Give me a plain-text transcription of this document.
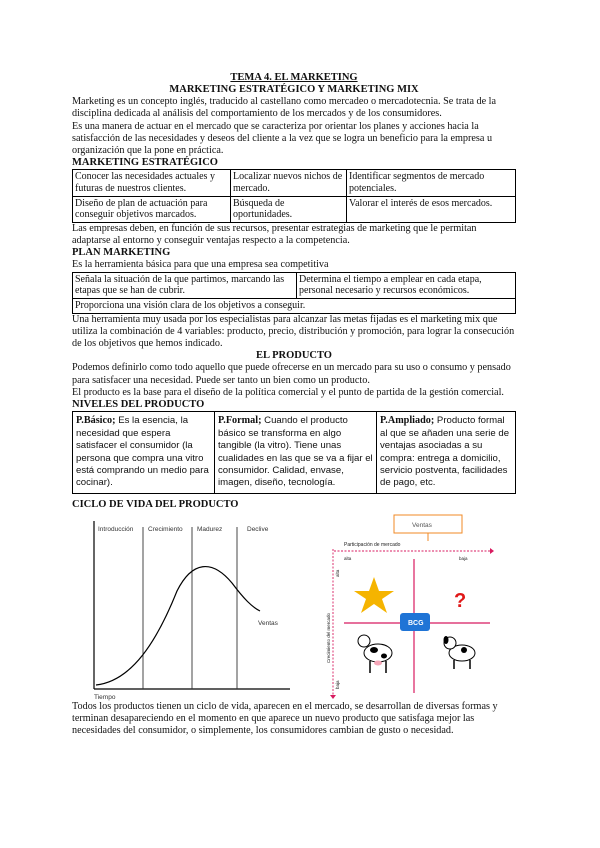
TEMA 4. EL MARKETING
MARKETING ESTRATÉGICO Y MARKETING MIX

Marketing es un concepto inglés, traducido al castellano como mercadeo o mercadotecnia. Se trata de la disciplina dedicada al análisis del comportamiento de los mercados y de los consumidores.

Es una manera de actuar en el mercado que se caracteriza por orientar los planes y acciones hacia la satisfacción de las necesidades y deseos del cliente a la vez que se logra un beneficio para la empresa u organización que la pone en práctica.

MARKETING ESTRATÉGICO
Conocer las necesidades actuales y futuras de nuestros clientes.	Localizar nuevos nichos de mercado.	Identificar segmentos de mercado potenciales.
Diseño de plan de actuación para conseguir objetivos marcados.	Búsqueda de oportunidades.	Valorar el interés de esos mercados.

Las empresas deben, en función de sus recursos, presentar estrategias de marketing que le permitan adaptarse al entorno y conseguir ventajas respecto a la competencia.

PLAN MARKETING

Es la herramienta básica para que una empresa sea competitiva

Señala la situación de la que partimos, marcando las etapas que se han de cubrir.	Determina el tiempo a emplear en cada etapa, personal necesario y recursos económicos.
Proporciona una visión clara de los objetivos a conseguir.

Una herramienta muy usada por los especialistas para alcanzar las metas fijadas es el marketing mix que utiliza la combinación de 4 variables: producto, precio, distribución y promoción, para lograr la consecución de los objetivos que hemos indicado.

EL PRODUCTO

Podemos definirlo como todo aquello que puede ofrecerse en un mercado para su uso o consumo y pensado para satisfacer una necesidad. Puede ser tanto un bien como un producto.

El producto es la base para el diseño de la política comercial y el punto de partida de la gestión comercial.

NIVELES DEL PRODUCTO
P.Básico; Es la esencia, la necesidad que espera satisfacer el consumidor (la persona que compra una vitro está comprando un medio para cocinar).	P.Formal; Cuando el producto básico se transforma en algo tangible (la vitro). Tiene unas cualidades en las que se va a fijar el consumidor. Calidad, envase, imagen, diseño, tecnología.	P.Ampliado; Producto formal al que se añaden una serie de ventajas asociadas a su compra: entrega a domicilio, servicio postventa, facilidades de pago, etc.
CICLO DE VIDA DEL PRODUCTO
Introducción Crecimiento Madurez	Declive
Ventas
Tiempo
Ventas
Participación de mercado
alta	baja
Crecimiento del mercado
alta
baja
?
BCG

Todos los productos tienen un ciclo de vida, aparecen en el mercado, se desarrollan de diversas formas y terminan desapareciendo en el momento en que aparece un nuevo producto que satisfaga mejor las necesidades del consumidor, o simplemente, los consumidores cambian de gusto o necesidad.
